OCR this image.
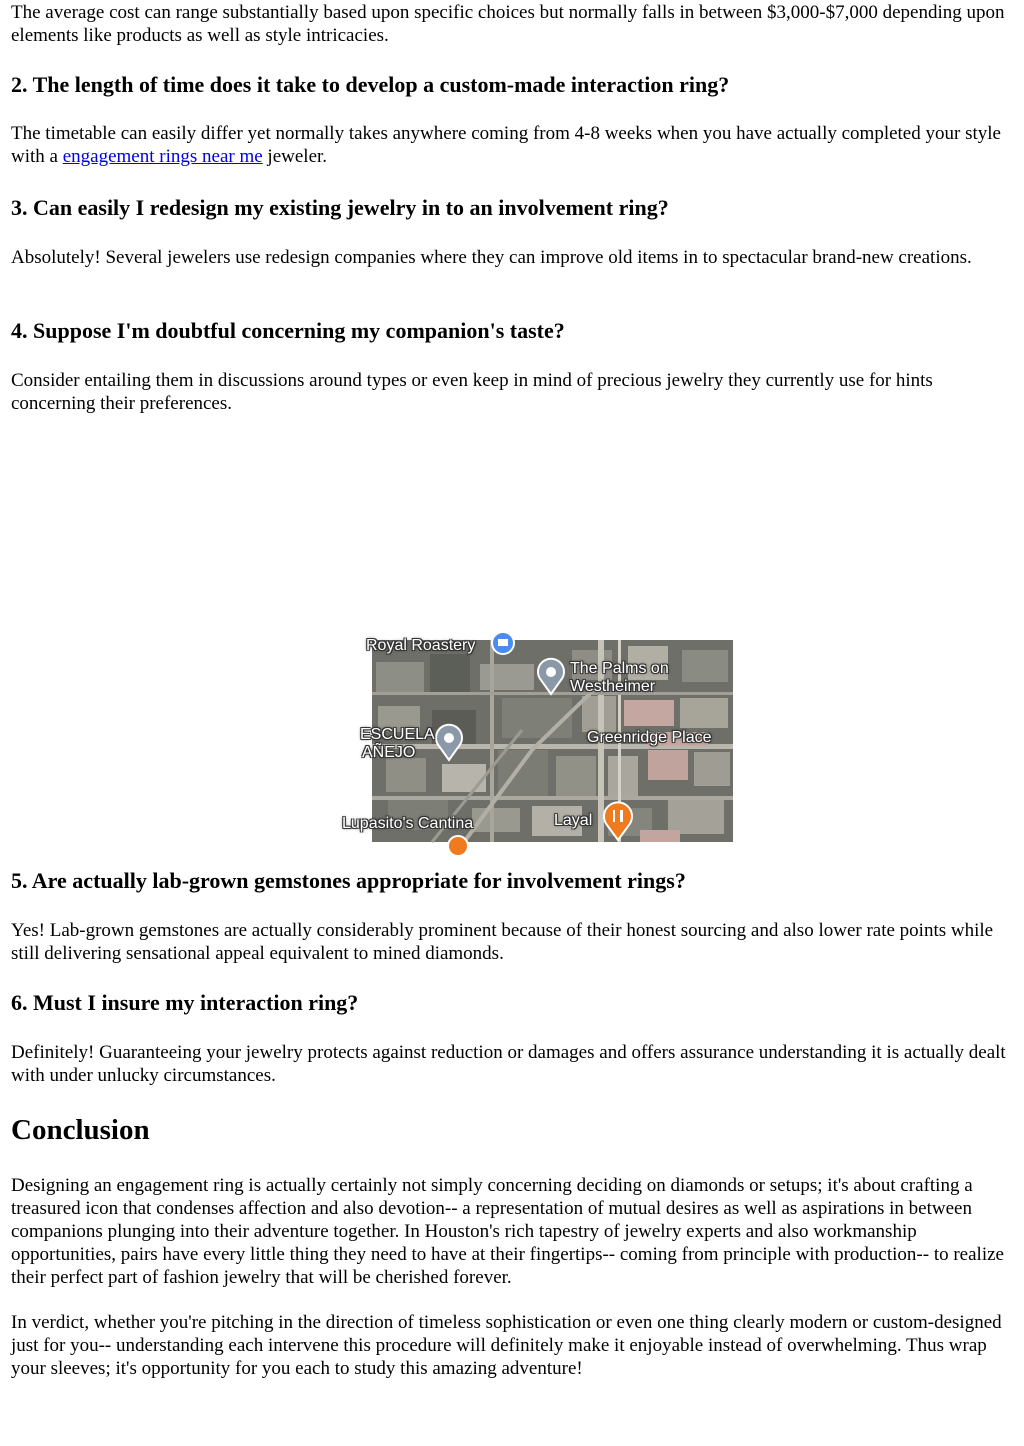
The average cost can range substantially based upon specific choices but normally falls in between $3,000-$7,000 depending upon elements like products as well as style intricacies.

2. The length of time does it take to develop a custom-made interaction ring?

The timetable can easily differ yet normally takes anywhere coming from 4-8 weeks when you have actually completed your style with a engagement rings near me jeweler.

3. Can easily I redesign my existing jewelry in to an involvement ring?

Absolutely! Several jewelers use redesign companies where they can improve old items in to spectacular brand-new creations.

4. Suppose I'm doubtful concerning my companion's taste?

Consider entailing them in discussions around types or even keep in mind of precious jewelry they currently use for hints concerning their preferences.

5. Are actually lab-grown gemstones appropriate for involvement rings?

Yes! Lab-grown gemstones are actually considerably prominent because of their honest sourcing and also lower rate points while still delivering sensational appeal equivalent to mined diamonds.

6. Must I insure my interaction ring?

Definitely! Guaranteeing your jewelry protects against reduction or damages and offers assurance understanding it is actually dealt with under unlucky circumstances.

Conclusion

Designing an engagement ring is actually certainly not simply concerning deciding on diamonds or setups; it's about crafting a treasured icon that condenses affection and also devotion-- a representation of mutual desires as well as aspirations in between companions plunging into their adventure together. In Houston's rich tapestry of jewelry experts and also workmanship opportunities, pairs have every little thing they need to have at their fingertips-- coming from principle with production-- to realize their perfect part of fashion jewelry that will be cherished forever.

In verdict, whether you're pitching in the direction of timeless sophistication or even one thing clearly modern or custom-designed just for you-- understanding each intervene this procedure will definitely make it enjoyable instead of overwhelming. Thus wrap your sleeves; it's opportunity for you each to study this amazing adventure!

Royal Roastery
The Palms on
Westheimer
Greenridge Place
ESCUELA
AÑEJO
Lupasito's Cantina	Layal
